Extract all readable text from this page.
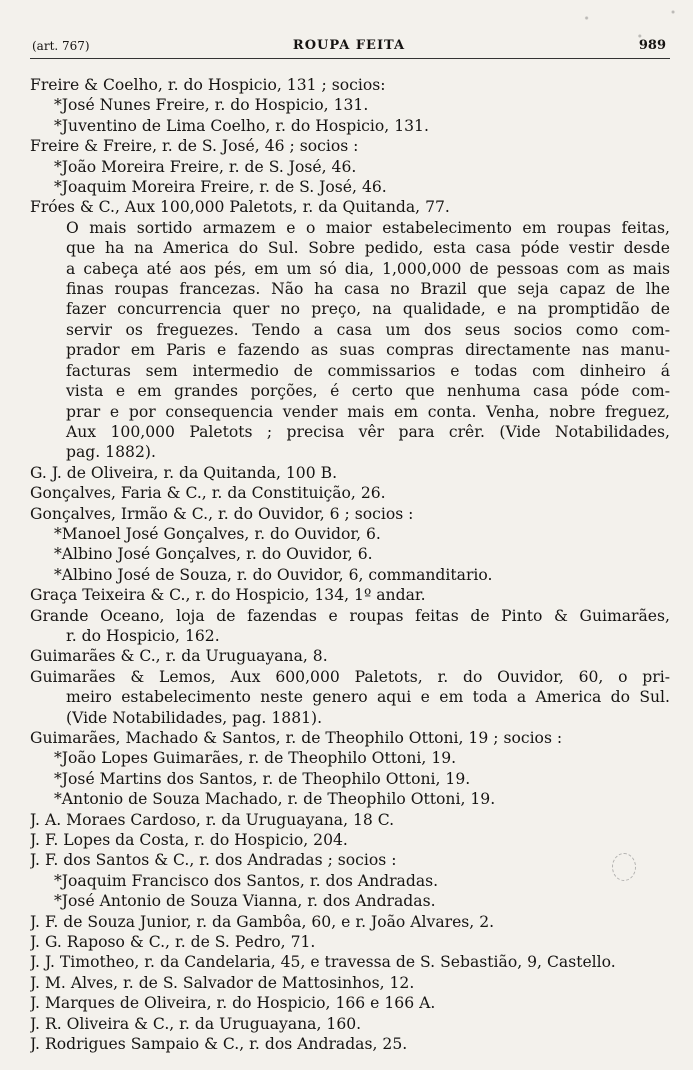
(art. 767)	ROUPA FEITA	989
Freire & Coelho, r. do Hospicio, 131 ; socios:
*José Nunes Freire, r. do Hospicio, 131.
*Juventino de Lima Coelho, r. do Hospicio, 131.
Freire & Freire, r. de S. José, 46 ; socios :
*João Moreira Freire, r. de S. José, 46.
*Joaquim Moreira Freire, r. de S. José, 46.
Fróes & C., Aux 100,000 Paletots, r. da Quitanda, 77.
O mais sortido armazem e o maior estabelecimento em roupas feitas,
que ha na America do Sul. Sobre pedido, esta casa póde vestir desde
a cabeça até aos pés, em um só dia, 1,000,000 de pessoas com as mais
finas roupas francezas. Não ha casa no Brazil que seja capaz de lhe
fazer concurrencia quer no preço, na qualidade, e na promptidão de
servir os freguezes. Tendo a casa um dos seus socios como com-
prador em Paris e fazendo as suas compras directamente nas manu-
facturas sem intermedio de commissarios e todas com dinheiro á
vista e em grandes porções, é certo que nenhuma casa póde com-
prar e por consequencia vender mais em conta. Venha, nobre freguez,
Aux 100,000 Paletots ; precisa vêr para crêr. (Vide Notabilidades,
pag. 1882).
G. J. de Oliveira, r. da Quitanda, 100 B.
Gonçalves, Faria & C., r. da Constituição, 26.
Gonçalves, Irmão & C., r. do Ouvidor, 6 ; socios :
*Manoel José Gonçalves, r. do Ouvidor, 6.
*Albino José Gonçalves, r. do Ouvidor, 6.
*Albino José de Souza, r. do Ouvidor, 6, commanditario.
Graça Teixeira & C., r. do Hospicio, 134, 1º andar.
Grande Oceano, loja de fazendas e roupas feitas de Pinto & Guimarães,
r. do Hospicio, 162.
Guimarães & C., r. da Uruguayana, 8.
Guimarães & Lemos, Aux 600,000 Paletots, r. do Ouvidor, 60, o pri-
meiro estabelecimento neste genero aqui e em toda a America do Sul.
(Vide Notabilidades, pag. 1881).
Guimarães, Machado & Santos, r. de Theophilo Ottoni, 19 ; socios :
*João Lopes Guimarães, r. de Theophilo Ottoni, 19.
*José Martins dos Santos, r. de Theophilo Ottoni, 19.
*Antonio de Souza Machado, r. de Theophilo Ottoni, 19.
J. A. Moraes Cardoso, r. da Uruguayana, 18 C.
J. F. Lopes da Costa, r. do Hospicio, 204.
J. F. dos Santos & C., r. dos Andradas ; socios :
*Joaquim Francisco dos Santos, r. dos Andradas.
*José Antonio de Souza Vianna, r. dos Andradas.
J. F. de Souza Junior, r. da Gambôa, 60, e r. João Alvares, 2.
J. G. Raposo & C., r. de S. Pedro, 71.
J. J. Timotheo, r. da Candelaria, 45, e travessa de S. Sebastião, 9, Castello.
J. M. Alves, r. de S. Salvador de Mattosinhos, 12.
J. Marques de Oliveira, r. do Hospicio, 166 e 166 A.
J. R. Oliveira & C., r. da Uruguayana, 160.
J. Rodrigues Sampaio & C., r. dos Andradas, 25.
